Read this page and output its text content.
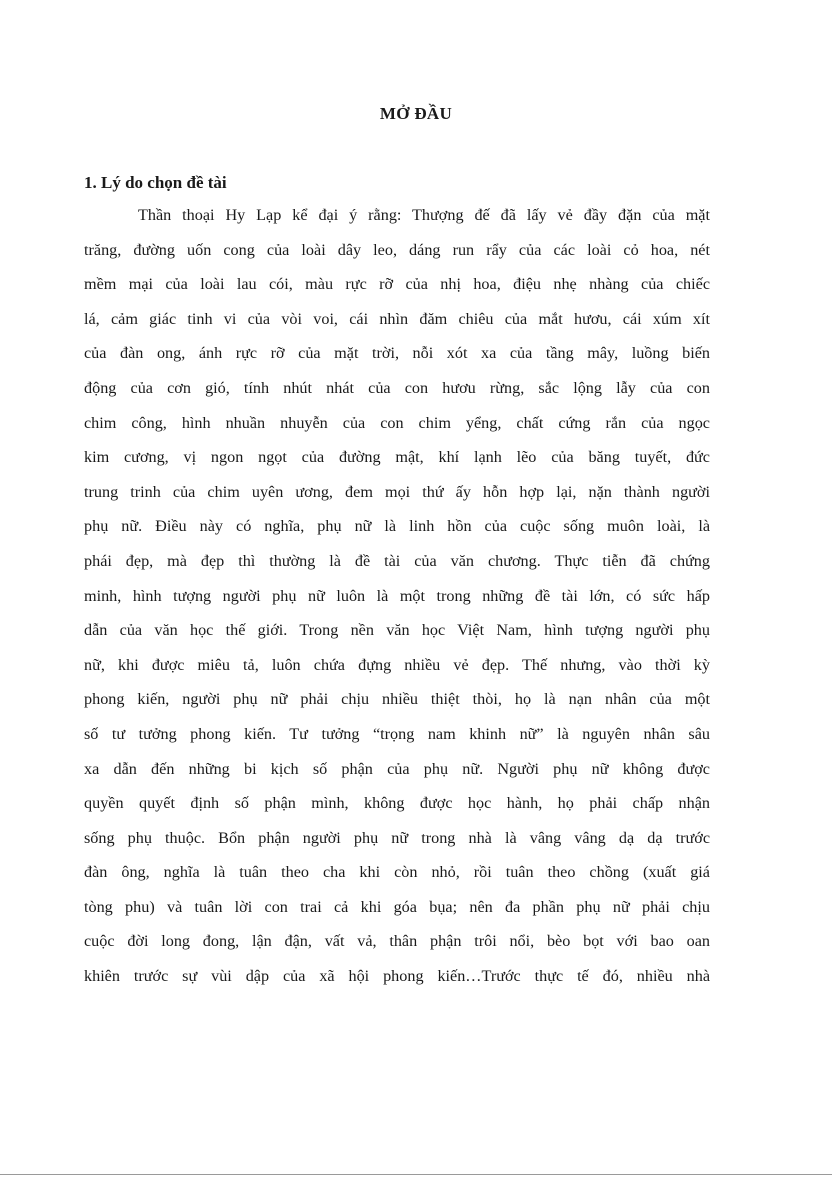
MỞ ĐẦU
1. Lý do chọn đề tài
Thần thoại Hy Lạp kể đại ý rằng: Thượng đế đã lấy vẻ đầy đặn của mặt
trăng, đường uốn cong của loài dây leo, dáng run rẩy của các loài cỏ hoa, nét
mềm mại của loài lau cói, màu rực rỡ của nhị hoa, điệu nhẹ nhàng của chiếc
lá, cảm giác tinh vi của vòi voi, cái nhìn đăm chiêu của mắt hươu, cái xúm xít
của đàn ong, ánh rực rỡ của mặt trời, nỗi xót xa của tầng mây, luồng biến
động của cơn gió, tính nhút nhát của con hươu rừng, sắc lộng lẫy của con
chim công, hình nhuần nhuyễn của con chim yểng, chất cứng rắn của ngọc
kim cương, vị ngon ngọt của đường mật, khí lạnh lẽo của băng tuyết, đức
trung trinh của chim uyên ương, đem mọi thứ ấy hỗn hợp lại, nặn thành người
phụ nữ. Điều này có nghĩa, phụ nữ là linh hồn của cuộc sống muôn loài, là
phái đẹp, mà đẹp thì thường là đề tài của văn chương. Thực tiễn đã chứng
minh, hình tượng người phụ nữ luôn là một trong những đề tài lớn, có sức hấp
dẫn của văn học thế giới. Trong nền văn học Việt Nam, hình tượng người phụ
nữ, khi được miêu tả, luôn chứa đựng nhiều vẻ đẹp. Thế nhưng, vào thời kỳ
phong kiến, người phụ nữ phải chịu nhiều thiệt thòi, họ là nạn nhân của một
số tư tưởng phong kiến. Tư tưởng “trọng nam khinh nữ” là nguyên nhân sâu
xa dẫn đến những bi kịch số phận của phụ nữ. Người phụ nữ không được
quyền quyết định số phận mình, không được học hành, họ phải chấp nhận
sống phụ thuộc. Bổn phận người phụ nữ trong nhà là vâng vâng dạ dạ trước
đàn ông, nghĩa là tuân theo cha khi còn nhỏ, rồi tuân theo chồng (xuất giá
tòng phu) và tuân lời con trai cả khi góa bụa; nên đa phần phụ nữ phải chịu
cuộc đời long đong, lận đận, vất vả, thân phận trôi nổi, bèo bọt với bao oan
khiên trước sự vùi dập của xã hội phong kiến…Trước thực tế đó, nhiều nhà
